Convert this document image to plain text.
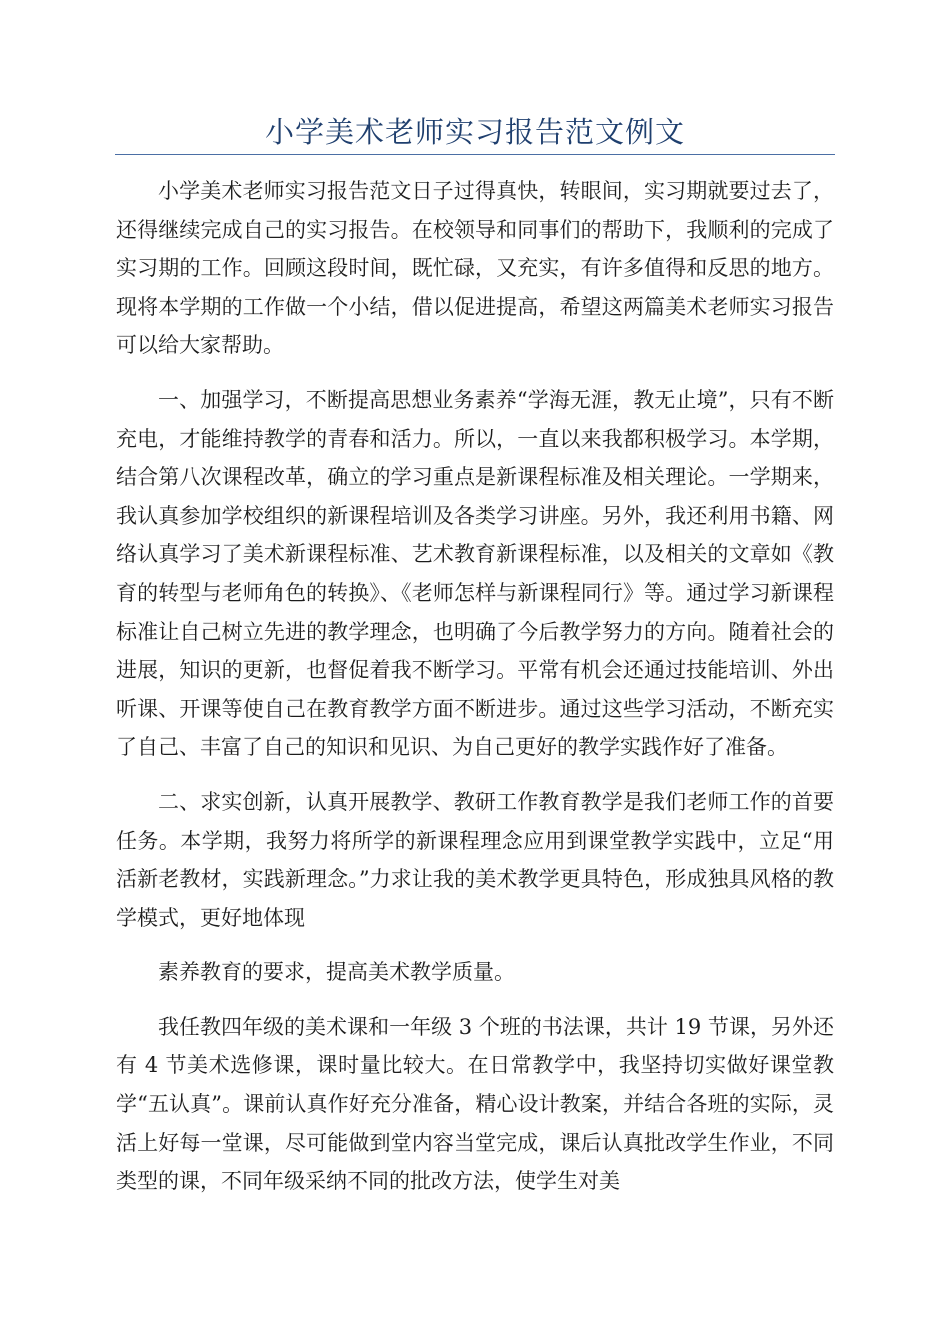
小学美术老师实习报告范文例文

小学美术老师实习报告范文日子过得真快，转眼间，实习期就要过去了，还得继续完成自己的实习报告。在校领导和同事们的帮助下，我顺利的完成了实习期的工作。回顾这段时间，既忙碌，又充实，有许多值得和反思的地方。现将本学期的工作做一个小结，借以促进提高，希望这两篇美术老师实习报告可以给大家帮助。

一、加强学习，不断提高思想业务素养“学海无涯，教无止境”，只有不断充电，才能维持教学的青春和活力。所以，一直以来我都积极学习。本学期，结合第八次课程改革，确立的学习重点是新课程标准及相关理论。一学期来，我认真参加学校组织的新课程培训及各类学习讲座。另外，我还利用书籍、网络认真学习了美术新课程标准、艺术教育新课程标准，以及相关的文章如《教育的转型与老师角色的转换》、《老师怎样与新课程同行》等。通过学习新课程标准让自己树立先进的教学理念，也明确了今后教学努力的方向。随着社会的进展，知识的更新，也督促着我不断学习。平常有机会还通过技能培训、外出听课、开课等使自己在教育教学方面不断进步。通过这些学习活动，不断充实了自己、丰富了自己的知识和见识、为自己更好的教学实践作好了准备。

二、求实创新，认真开展教学、教研工作教育教学是我们老师工作的首要任务。本学期，我努力将所学的新课程理念应用到课堂教学实践中，立足“用活新老教材，实践新理念。”力求让我的美术教学更具特色，形成独具风格的教学模式，更好地体现

素养教育的要求，提高美术教学质量。

我任教四年级的美术课和一年级 3 个班的书法课，共计 19 节课，另外还有 4 节美术选修课，课时量比较大。在日常教学中，我坚持切实做好课堂教学“五认真”。课前认真作好充分准备，精心设计教案，并结合各班的实际，灵活上好每一堂课，尽可能做到堂内容当堂完成，课后认真批改学生作业，不同类型的课，不同年级采纳不同的批改方法，使学生对美
